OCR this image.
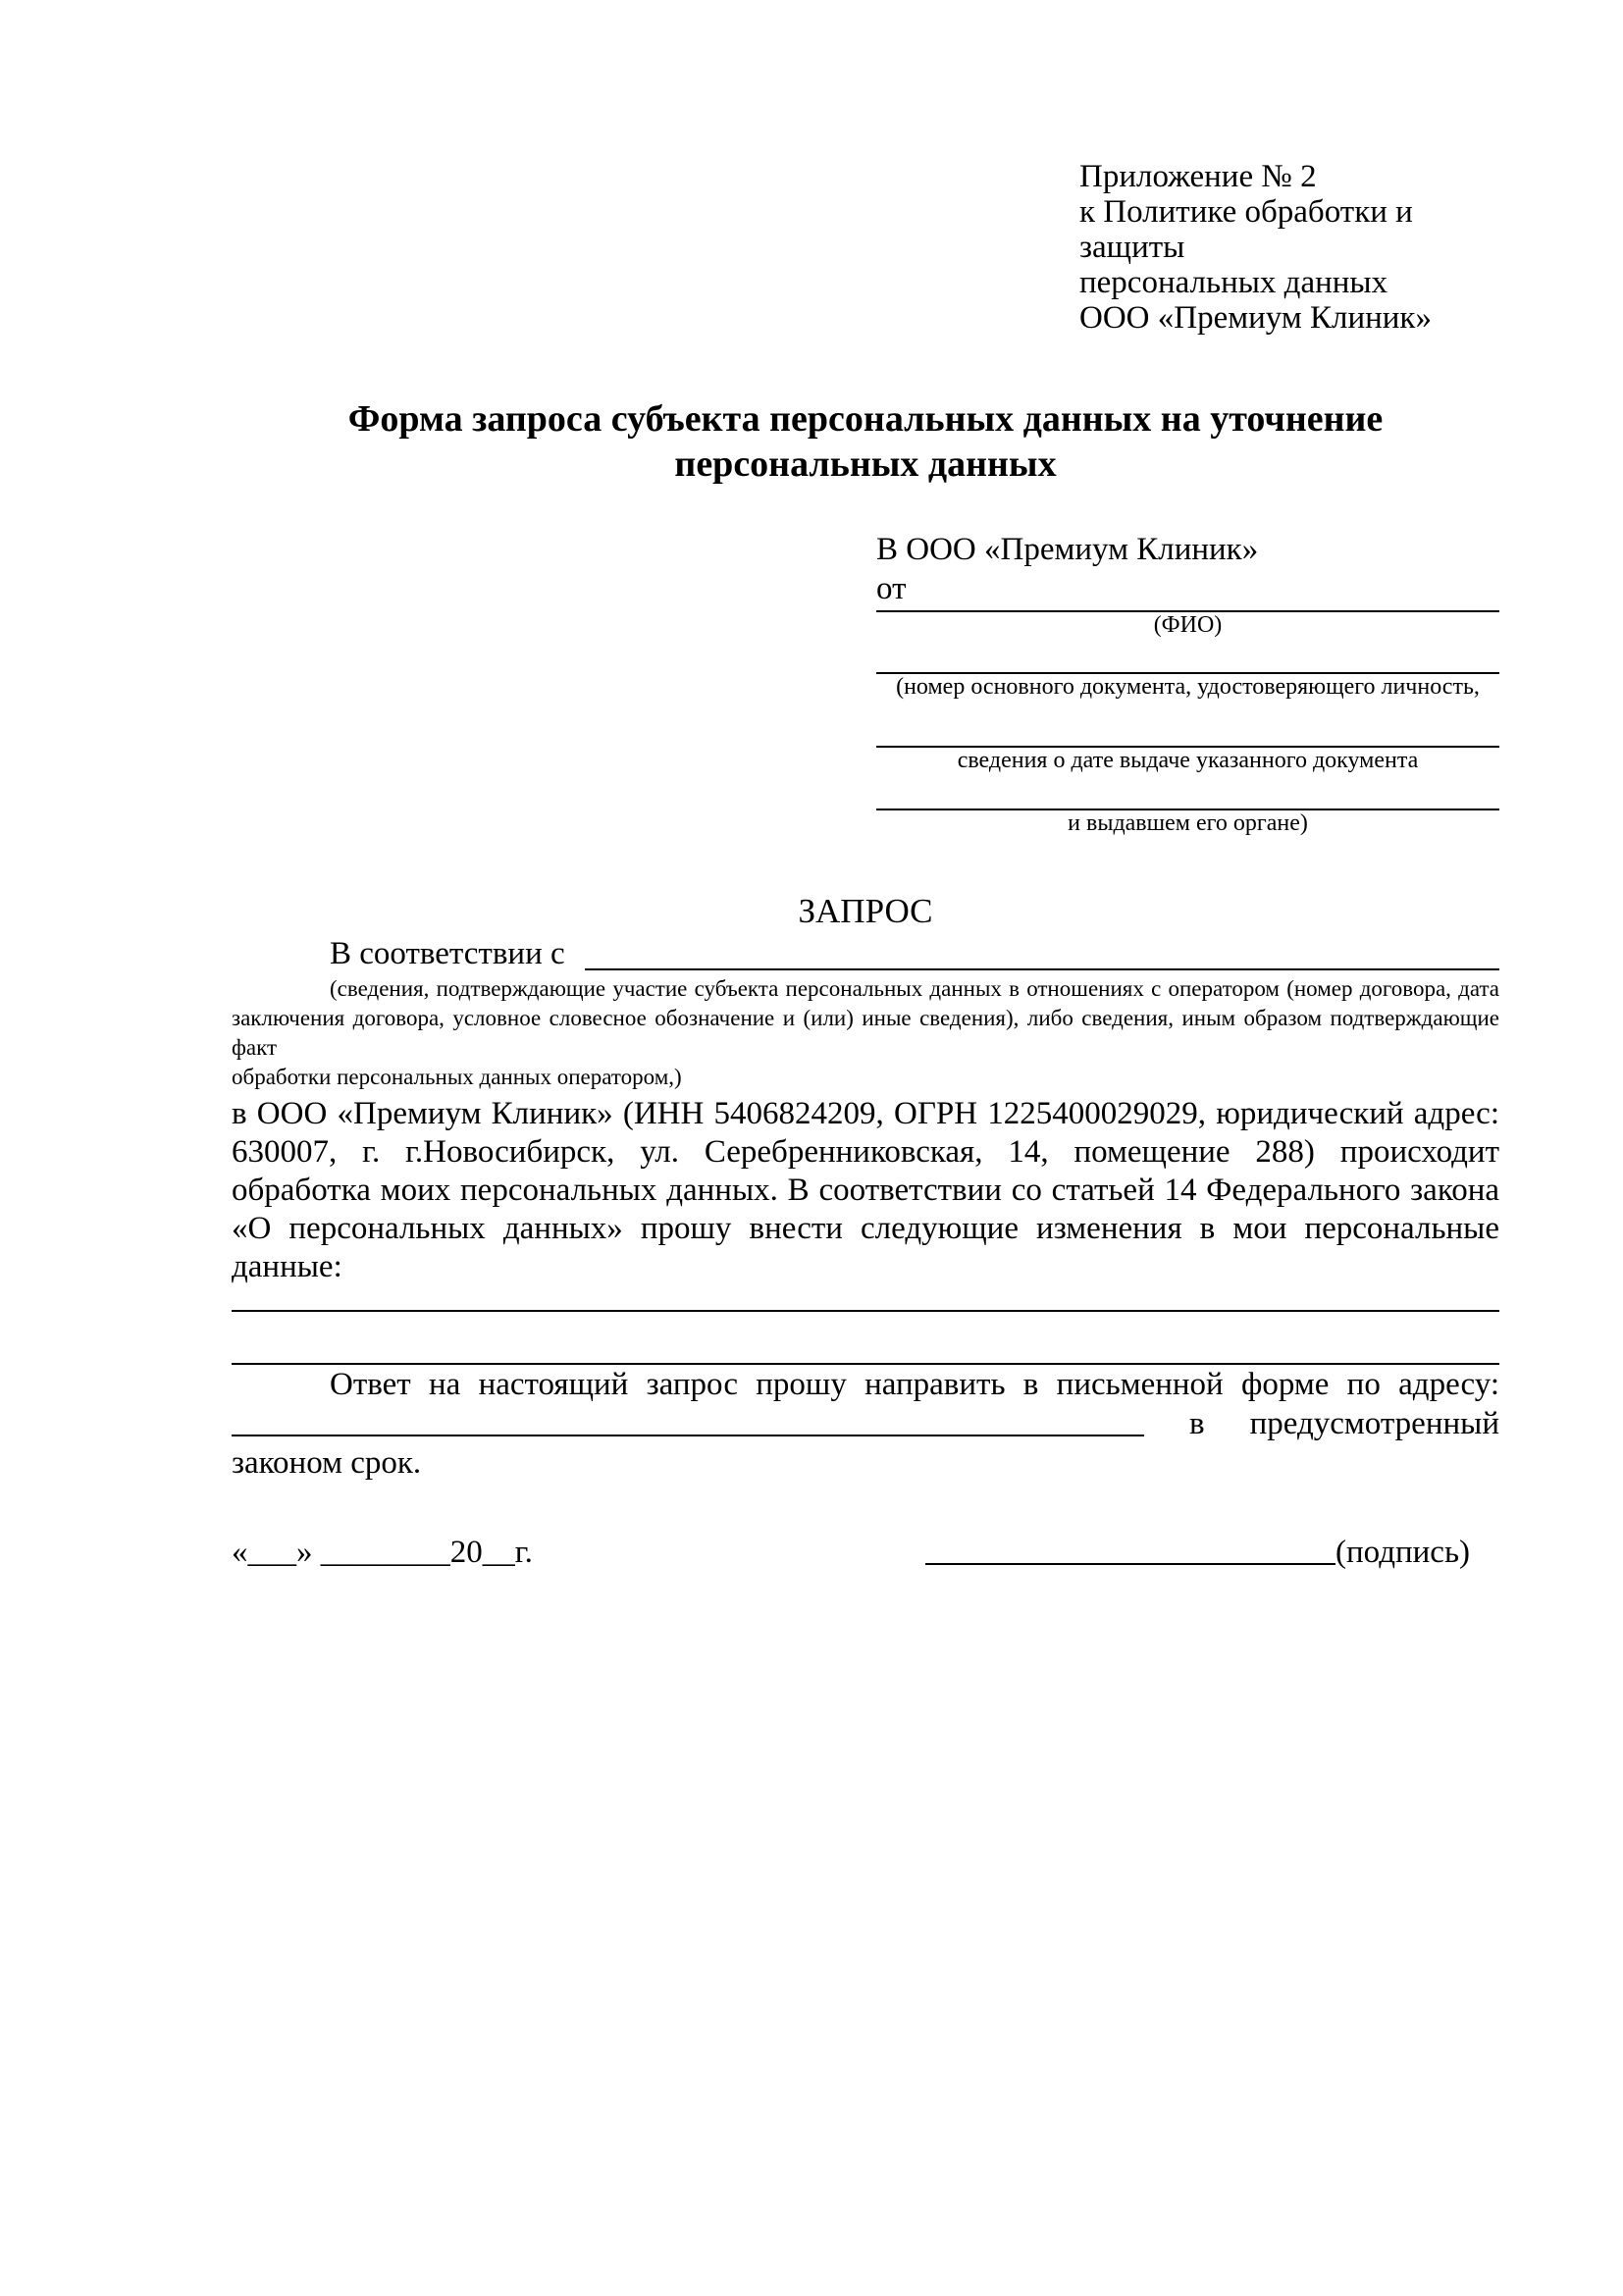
Приложение № 2
к Политике обработки и защиты
персональных данных
ООО «Премиум Клиник»
Форма запроса субъекта персональных данных на уточнение
персональных данных
В ООО «Премиум Клиник»
от
(ФИО)
(номер основного документа, удостоверяющего личность,
сведения о дате выдаче указанного документа
и выдавшем его органе)
ЗАПРОС
В соответствии с
(сведения, подтверждающие участие субъекта персональных данных в отношениях с оператором (номер договора, дата
заключения договора, условное словесное обозначение и (или) иные сведения), либо сведения, иным образом подтверждающие факт
обработки персональных данных оператором,)
в ООО «Премиум Клиник» (ИНН 5406824209, ОГРН 1225400029029, юридический адрес:
630007, г. г.Новосибирск, ул. Серебренниковская, 14, помещение 288) происходит
обработка моих персональных данных. В соответствии со статьей 14 Федерального закона
«О персональных данных» прошу внести следующие изменения в мои персональные
данные:
Ответ на настоящий запрос прошу направить в письменной форме по адресу:
в предусмотренный
законом срок.
«___» ________20__г.	(подпись)
